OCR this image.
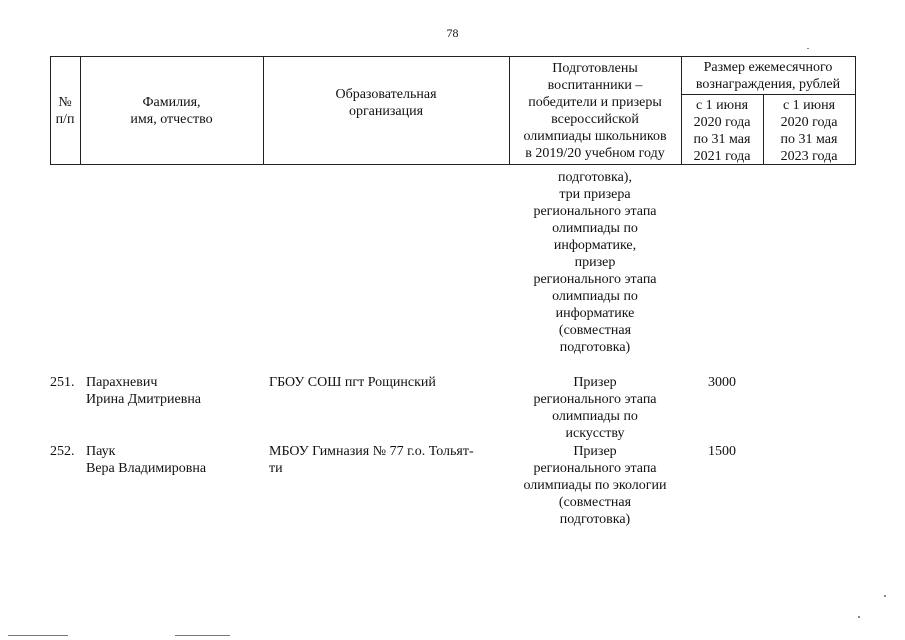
78
№
п/п
Фамилия,
имя, отчество
Образовательная
организация
Подготовлены
воспитанники –
победители и призеры
всероссийской
олимпиады школьников
в 2019/20 учебном году
Размер ежемесячного
вознаграждения, рублей
с 1 июня
2020 года
по 31 мая
2021 года
с 1 июня
2020 года
по 31 мая
2023 года
подготовка),
три призера
регионального этапа
олимпиады по
информатике,
призер
регионального этапа
олимпиады по
информатике
(совместная
подготовка)
251. Парахневич
Ирина Дмитриевна
ГБОУ СОШ пгт Рощинский	Призер
регионального этапа
олимпиады по
искусству
3000
252. Паук
Вера Владимировна
МБОУ Гимназия № 77 г.о. Тольят-
ти
Призер
регионального этапа
олимпиады по экологии
(совместная
подготовка)
1500
